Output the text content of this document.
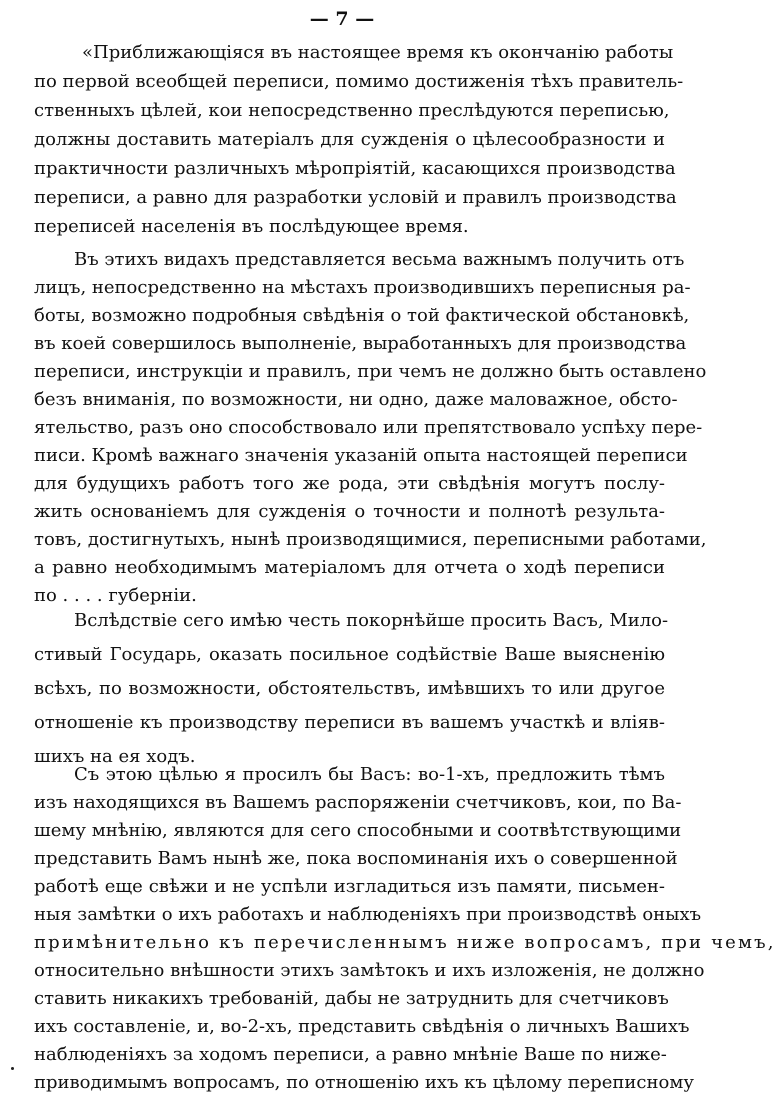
— 7 —
«Приближающіяся въ настоящее время къ окончанію работы
по первой всеобщей переписи, помимо достиженія тѣхъ правитель-
ственныхъ цѣлей, кои непосредственно преслѣдуются переписью,
должны доставить матеріалъ для сужденія о цѣлесообразности и
практичности различныхъ мѣропріятій, касающихся производства
переписи, а равно для разработки условій и правилъ производства
переписей населенія въ послѣдующее время.
Въ этихъ видахъ представляется весьма важнымъ получить отъ
лицъ, непосредственно на мѣстахъ производившихъ переписныя ра-
боты, возможно подробныя свѣдѣнія о той фактической обстановкѣ,
въ коей совершилось выполненіе, выработанныхъ для производства
переписи, инструкціи и правилъ, при чемъ не должно быть оставлено
безъ вниманія, по возможности, ни одно, даже маловажное, обсто-
ятельство, разъ оно способствовало или препятствовало успѣху пере-
писи. Кромѣ важнаго значенія указаній опыта настоящей переписи
для будущихъ работъ того же рода, эти свѣдѣнія могутъ послу-
жить основаніемъ для сужденія о точности и полнотѣ результа-
товъ, достигнутыхъ, нынѣ производящимися, переписными работами,
а равно необходимымъ матеріаломъ для отчета о ходѣ переписи
по . . . . губерніи.
Вслѣдствіе сего имѣю честь покорнѣйше просить Васъ, Мило-
стивый Государь, оказать посильное содѣйствіе Ваше выясненію
всѣхъ, по возможности, обстоятельствъ, имѣвшихъ то или другое
отношеніе къ производству переписи въ вашемъ участкѣ и вліяв-
шихъ на ея ходъ.
Съ этою цѣлью я просилъ бы Васъ: во-1-хъ, предложить тѣмъ
изъ находящихся въ Вашемъ распоряженіи счетчиковъ, кои, по Ва-
шему мнѣнію, являются для сего способными и соотвѣтствующими
представить Вамъ нынѣ же, пока воспоминанія ихъ о совершенной
работѣ еще свѣжи и не успѣли изгладиться изъ памяти, письмен-
ныя замѣтки о ихъ работахъ и наблюденіяхъ при производствѣ оныхъ
примѣнительно къ перечисленнымъ ниже вопросамъ, при чемъ,
относительно внѣшности этихъ замѣтокъ и ихъ изложенія, не должно
ставить никакихъ требованій, дабы не затруднить для счетчиковъ
ихъ составленіе, и, во-2-хъ, представить свѣдѣнія о личныхъ Вашихъ
наблюденіяхъ за ходомъ переписи, а равно мнѣніе Ваше по ниже-
приводимымъ вопросамъ, по отношенію ихъ къ цѣлому переписному
